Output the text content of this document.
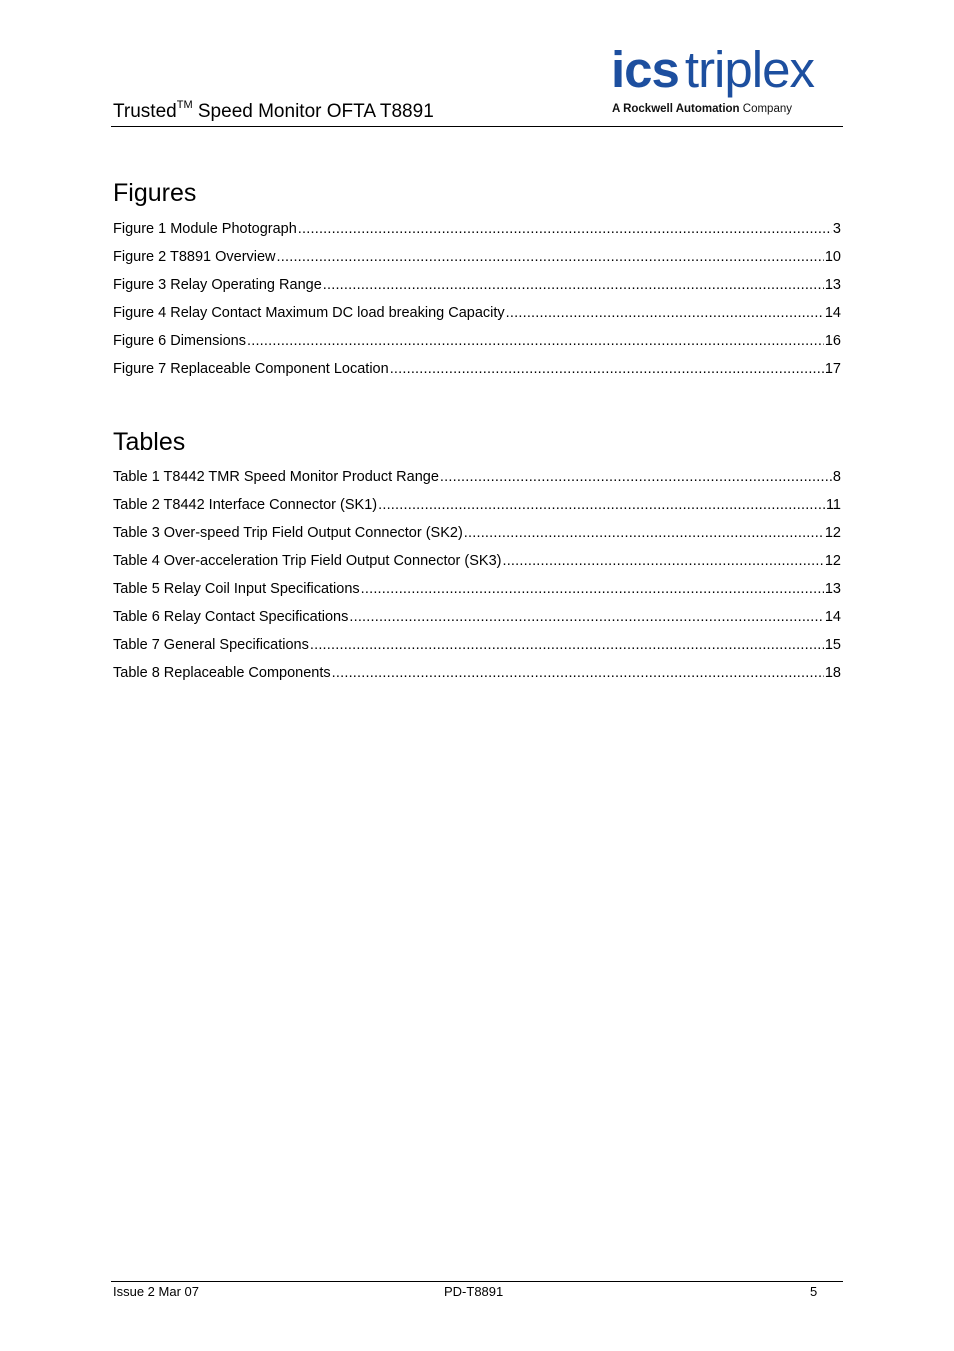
Trusted™ Speed Monitor OFTA T8891
ics triplex
A Rockwell Automation Company
Figures
Figure 1 Module Photograph .....	3
Figure 2 T8891 Overview .....	10
Figure 3 Relay Operating Range .....	13
Figure 4 Relay Contact Maximum DC load breaking Capacity .....	14
Figure 6 Dimensions .....	16
Figure 7 Replaceable Component Location .....	17
Tables
Table 1 T8442 TMR Speed Monitor Product Range .....	8
Table 2 T8442 Interface Connector (SK1) .....	11
Table 3 Over-speed Trip Field Output Connector (SK2) .....	12
Table 4 Over-acceleration Trip Field Output Connector (SK3) .....	12
Table 5 Relay Coil Input Specifications .....	13
Table 6 Relay Contact Specifications .....	14
Table 7 General Specifications .....	15
Table 8 Replaceable Components .....	18
Issue 2 Mar 07	PD-T8891	5
